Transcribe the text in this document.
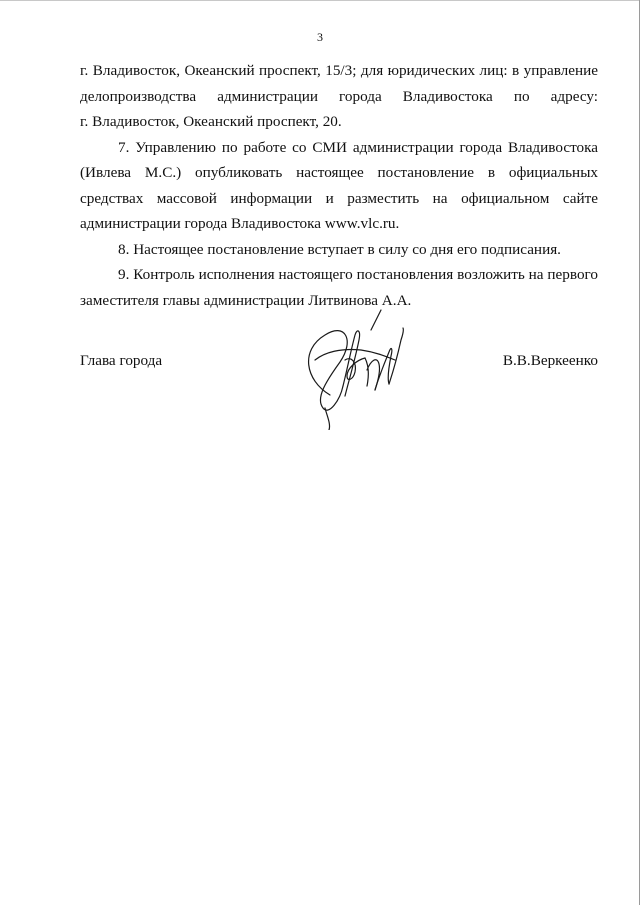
3
г. Владивосток, Океанский проспект, 15/3; для юридических лиц: в управление
делопроизводства администрации города Владивостока по адресу:
г. Владивосток, Океанский проспект, 20.
7. Управлению по работе со СМИ администрации города Владивостока
(Ивлева М.С.) опубликовать настоящее постановление в официальных
средствах массовой информации и разместить на официальном сайте
администрации города Владивостока www.vlc.ru.
8. Настоящее постановление вступает в силу со дня его подписания.
9. Контроль исполнения настоящего постановления возложить на первого
заместителя главы администрации Литвинова А.А.
Глава города	В.В.Веркеенко
